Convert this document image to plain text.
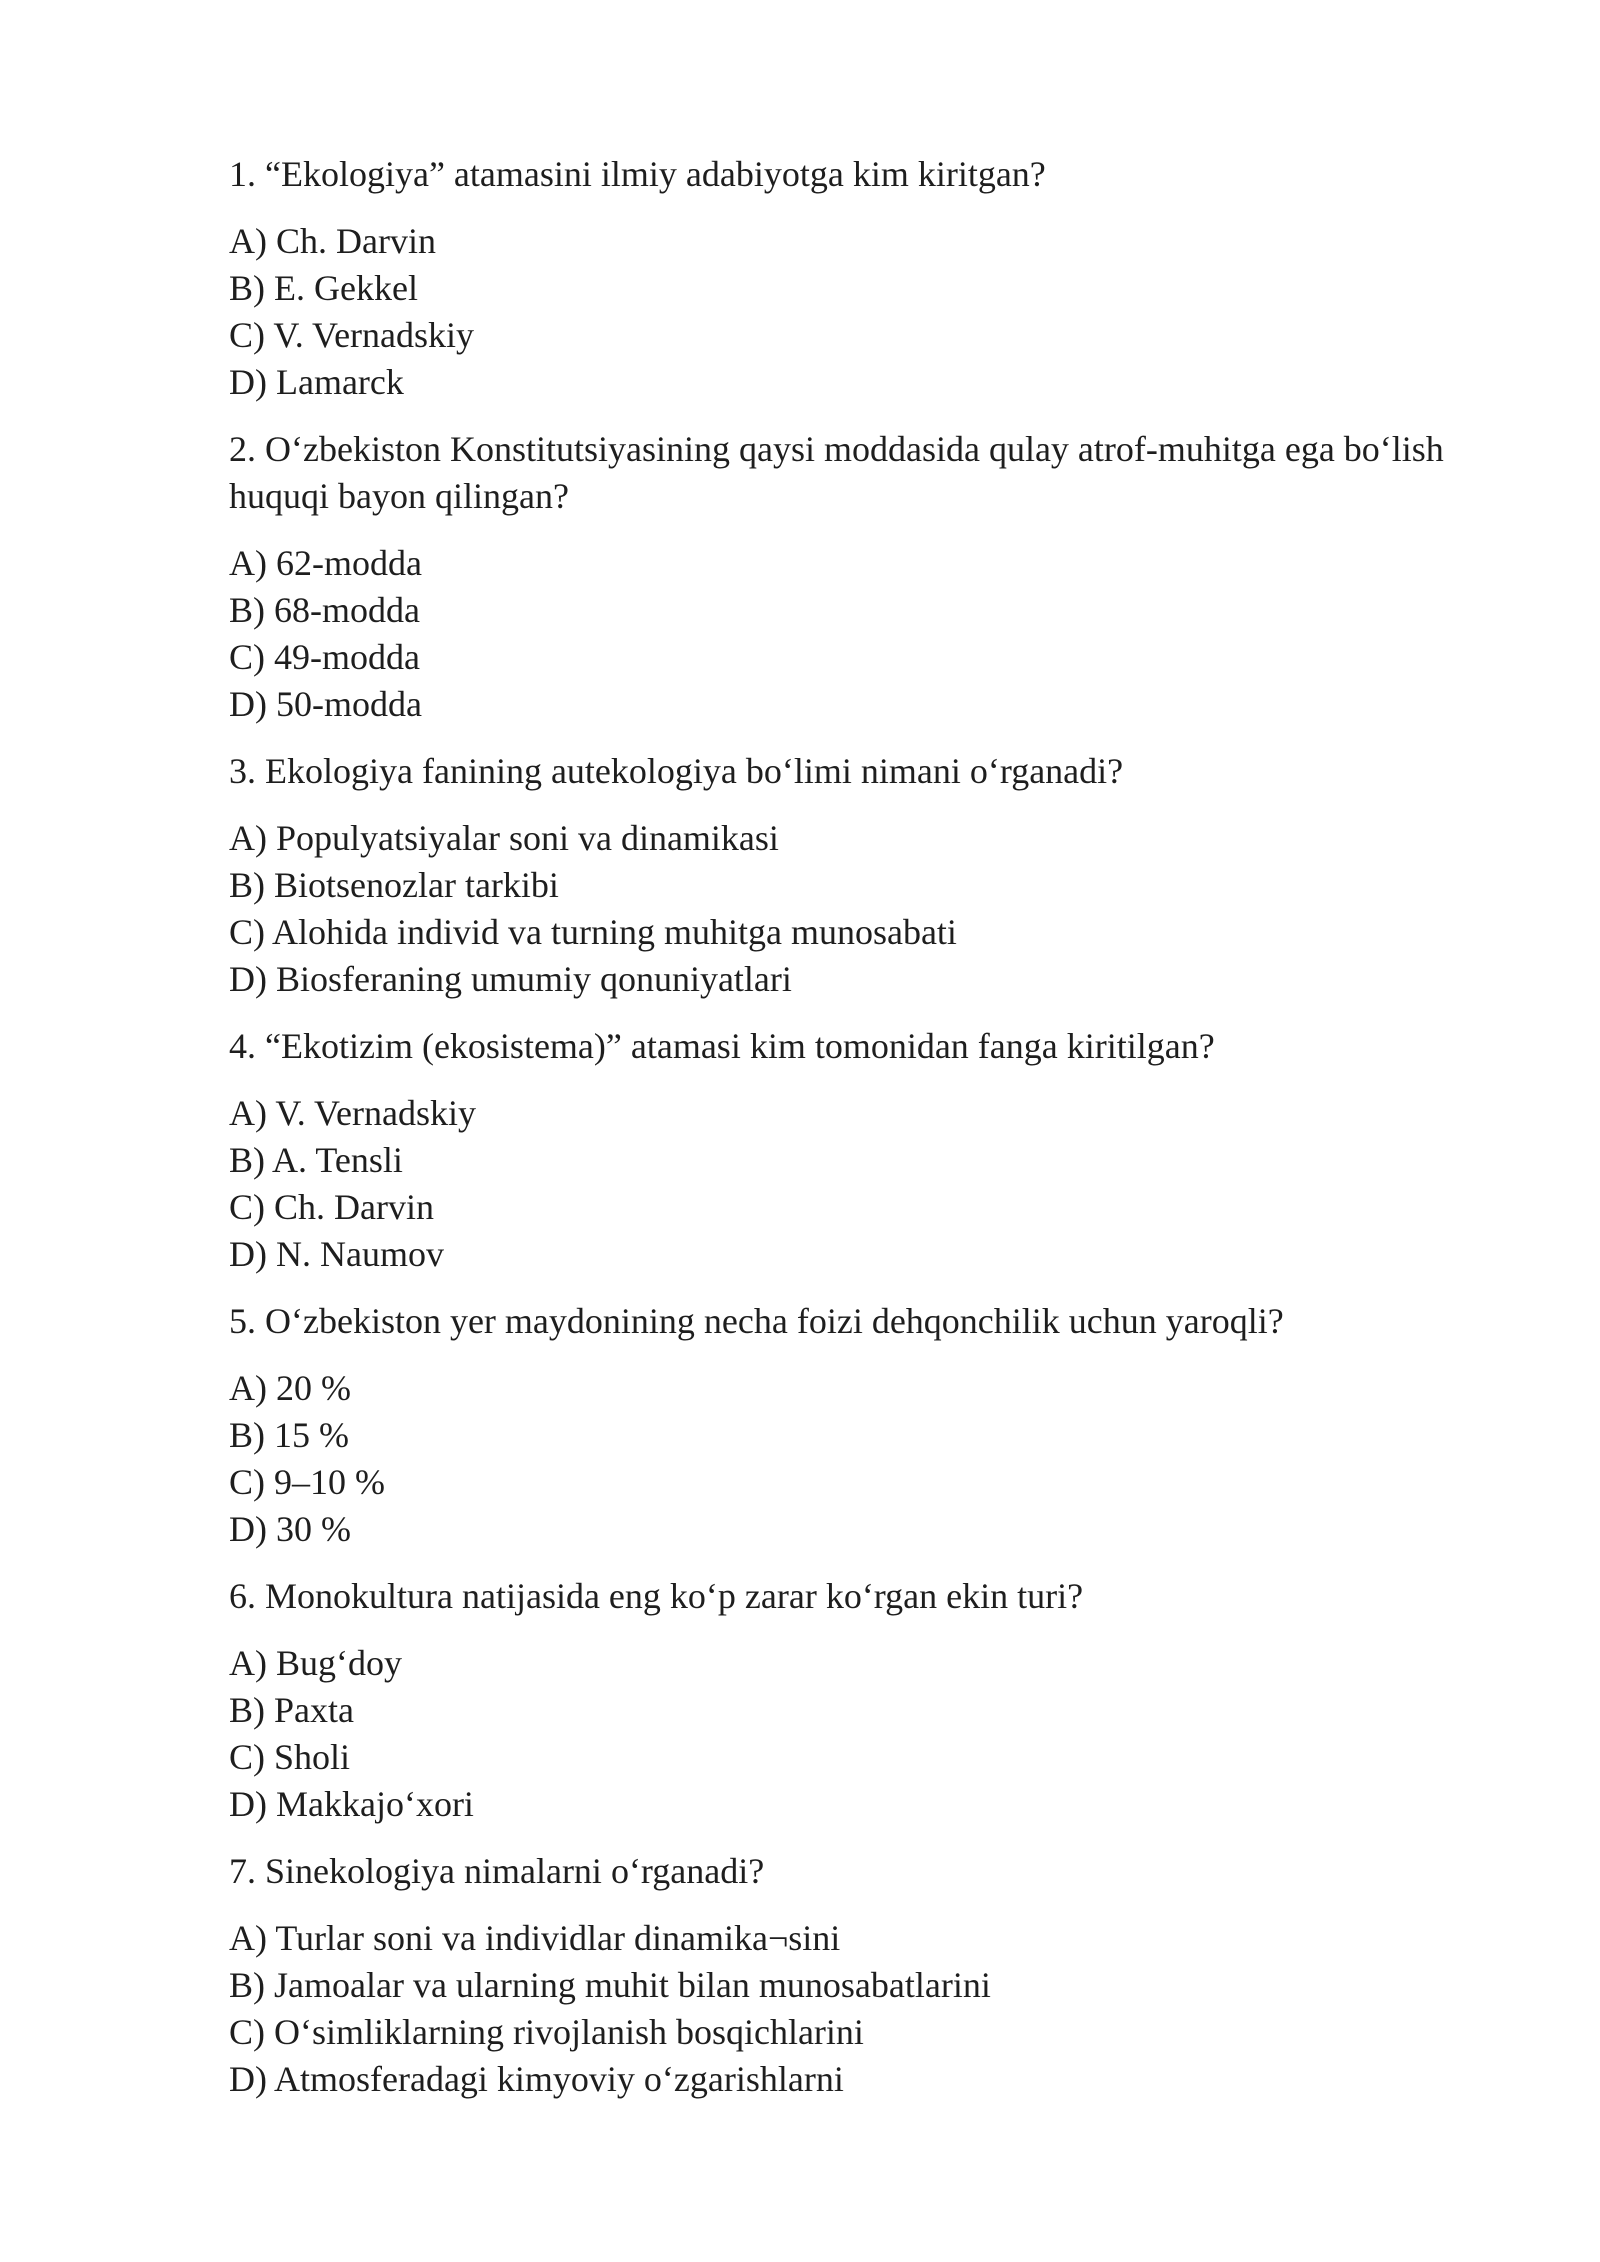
1. “Ekologiya” atamasini ilmiy adabiyotga kim kiritgan?
A) Ch. Darvin
B) E. Gekkel
C) V. Vernadskiy
D) Lamarck
2. O‘zbekiston Konstitutsiyasining qaysi moddasida qulay atrof-muhitga ega bo‘lish huquqi bayon qilingan?
A) 62-modda
B) 68-modda
C) 49-modda
D) 50-modda
3. Ekologiya fanining autekologiya bo‘limi nimani o‘rganadi?
A) Populyatsiyalar soni va dinamikasi
B) Biotsenozlar tarkibi
C) Alohida individ va turning muhitga munosabati
D) Biosferaning umumiy qonuniyatlari
4. “Ekotizim (ekosistema)” atamasi kim tomonidan fanga kiritilgan?
A) V. Vernadskiy
B) A. Tensli
C) Ch. Darvin
D) N. Naumov
5. O‘zbekiston yer maydonining necha foizi dehqonchilik uchun yaroqli?
A) 20 %
B) 15 %
C) 9–10 %
D) 30 %
6. Monokultura natijasida eng ko‘p zarar ko‘rgan ekin turi?
A) Bug‘doy
B) Paxta
C) Sholi
D) Makkajo‘xori
7. Sinekologiya nimalarni o‘rganadi?
A) Turlar soni va individlar dinamika¬sini
B) Jamoalar va ularning muhit bilan munosabatlarini
C) O‘simliklarning rivojlanish bosqichlarini
D) Atmosferadagi kimyoviy o‘zgarishlarni
